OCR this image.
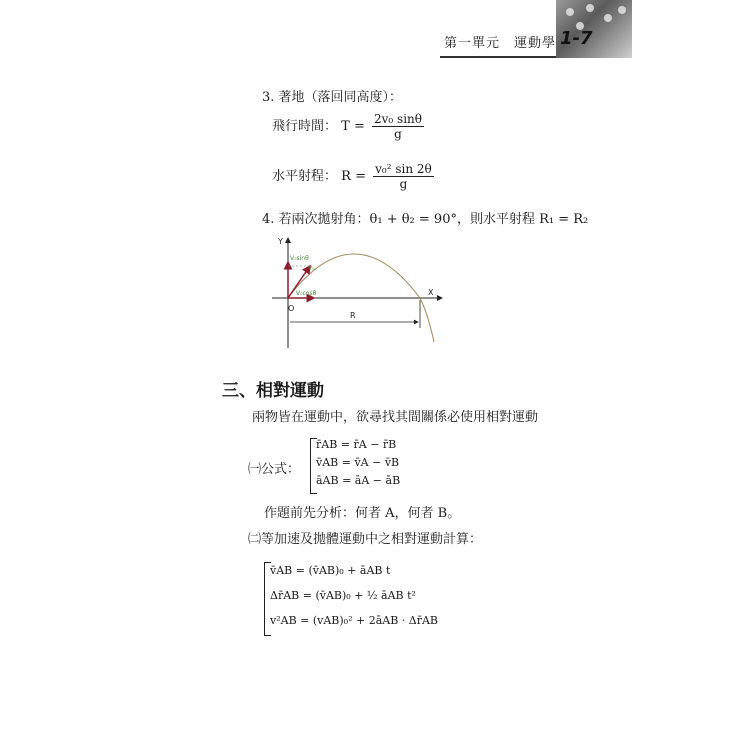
第一單元　運動學 1-7
3. 著地（落回同高度）：
飛行時間： $T = \frac{\text{2v₀ sinθ}}{g}$
水平射程： $R = \frac{\text{v₀² sin 2θ}}{g}$
4. 若兩次拋射角：θ₁ + θ₂ = 90°，則水平射程 R₁ = R₂
Y
X
O
V₀sinθ
V₀
V₀cosθ
R
三、相對運動
兩物皆在運動中，欲尋找其間關係必使用相對運動
㈠公式：
r̄AB = r̄A − r̄B
v̄AB = v̄A − v̄B
āAB = āA − āB
作題前先分析：何者 A，何者 B。
㈡等加速及拋體運動中之相對運動計算：
v̄AB = (v̄AB)₀ + āAB t
Δr̄AB = (v̄AB)₀ + ½ āAB t²
v²AB = (vAB)₀² + 2āAB · Δr̄AB
